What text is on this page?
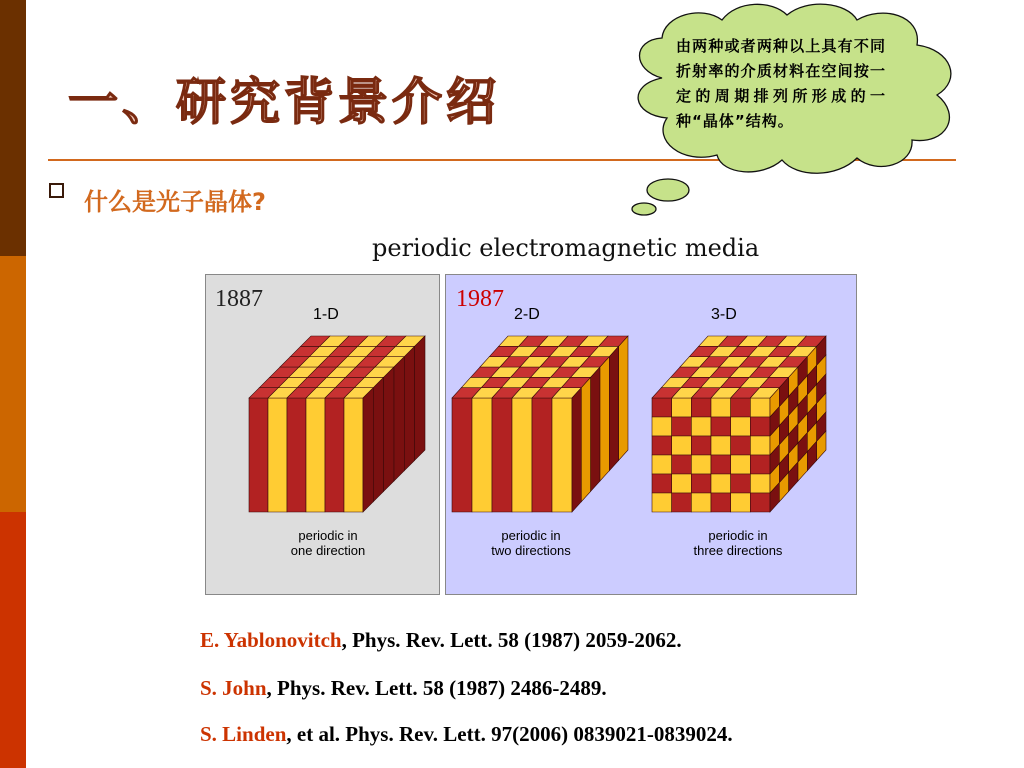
一、研究背景介绍
由两种或者两种以上具有不同折射率的介质材料在空间按一定的周期排列所形成的一种“晶体”结构。
什么是光子晶体?
periodic electromagnetic media
1887	1987
1-D	2-D	3-D
periodic in
one direction
periodic in
two directions
periodic in
three directions
E. Yablonovitch, Phys. Rev. Lett. 58 (1987) 2059-2062.
S. John, Phys. Rev. Lett. 58 (1987) 2486-2489.
S. Linden, et al. Phys. Rev. Lett. 97(2006) 0839021-0839024.
